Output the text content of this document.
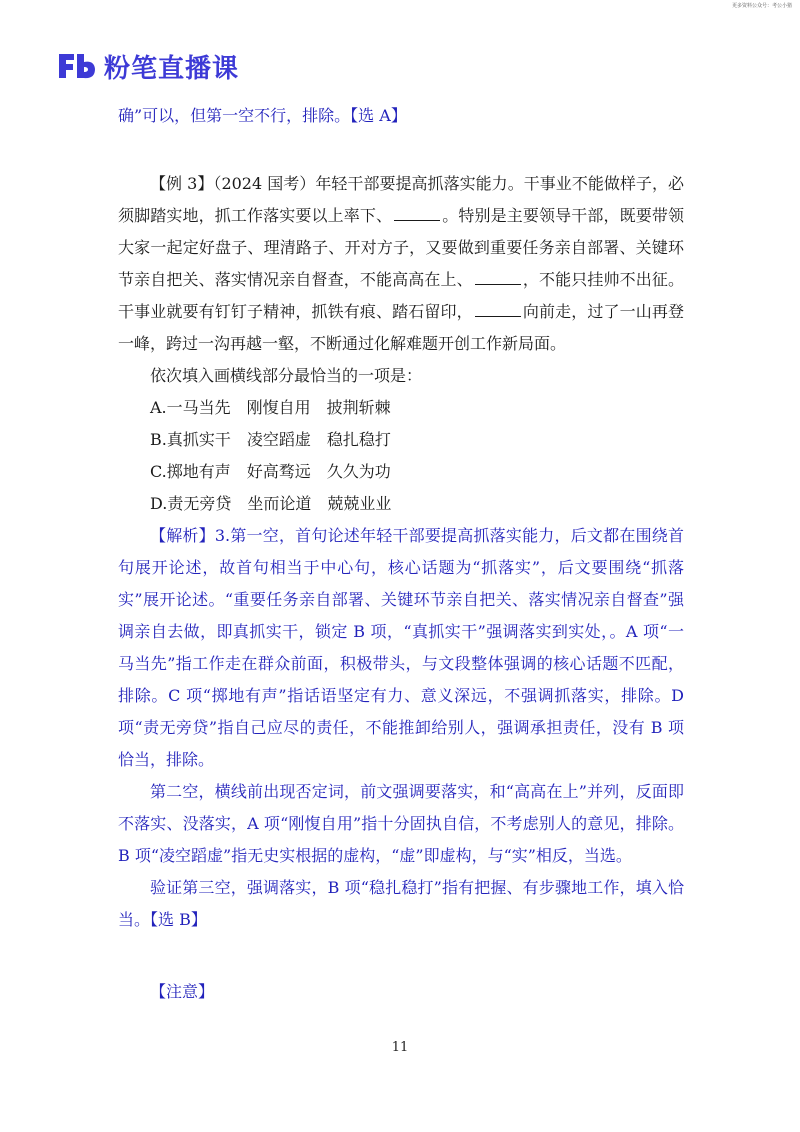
更多资料公众号：考公小猪
粉笔直播课

确”可以，但第一空不行，排除。【选 A】

【例 3】（2024 国考）年轻干部要提高抓落实能力。干事业不能做样子，必须脚踏实地，抓工作落实要以上率下、	。特别是主要领导干部，既要带领大家一起定好盘子、理清路子、开对方子，又要做到重要任务亲自部署、关键环节亲自把关、落实情况亲自督查，不能高高在上、	，不能只挂帅不出征。干事业就要有钉钉子精神，抓铁有痕、踏石留印，	向前走，过了一山再登一峰，跨过一沟再越一壑，不断通过化解难题开创工作新局面。

依次填入画横线部分最恰当的一项是：

A.一马当先　刚愎自用　披荆斩棘

B.真抓实干　凌空蹈虚　稳扎稳打

C.掷地有声　好高骛远　久久为功

D.责无旁贷　坐而论道　兢兢业业

【解析】3.第一空，首句论述年轻干部要提高抓落实能力，后文都在围绕首句展开论述，故首句相当于中心句，核心话题为“抓落实”，后文要围绕“抓落实”展开论述。“重要任务亲自部署、关键环节亲自把关、落实情况亲自督查”强调亲自去做，即真抓实干，锁定 B 项，“真抓实干”强调落实到实处，。A 项“一马当先”指工作走在群众前面，积极带头，与文段整体强调的核心话题不匹配，排除。C 项“掷地有声”指话语坚定有力、意义深远，不强调抓落实，排除。D 项“责无旁贷”指自己应尽的责任，不能推卸给别人，强调承担责任，没有 B 项恰当，排除。

第二空，横线前出现否定词，前文强调要落实，和“高高在上”并列，反面即不落实、没落实，A 项“刚愎自用”指十分固执自信，不考虑别人的意见，排除。B 项“凌空蹈虚”指无史实根据的虚构，“虚”即虚构，与“实”相反，当选。

验证第三空，强调落实，B 项“稳扎稳打”指有把握、有步骤地工作，填入恰当。【选 B】

【注意】

11
